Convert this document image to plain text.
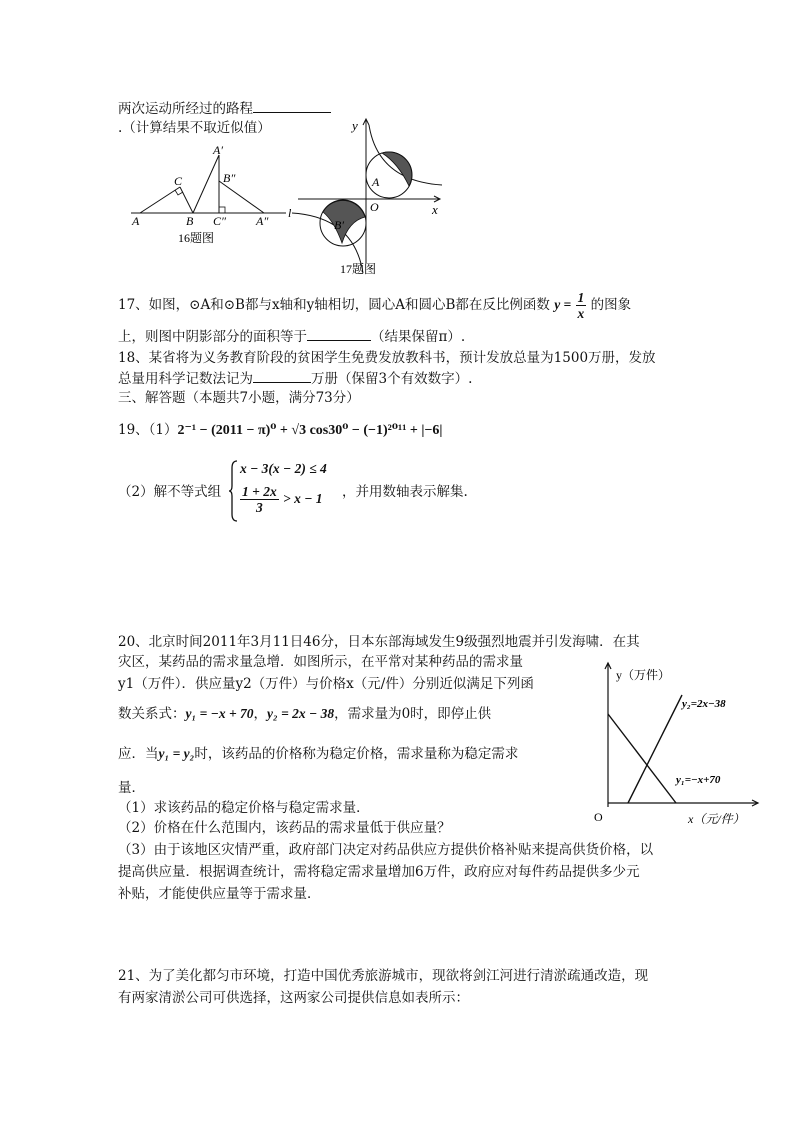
两次运动所经过的路程
.（计算结果不取近似值）
A
C
B
A′
B″
C″ A″
l
16题图
y
x
O
A
B′
17题图
17、如图，⊙A和⊙B都与x轴和y轴相切，圆心A和圆心B都在反比例函数 $y = \frac{1}{x}$ 的图象
上，则图中阴影部分的面积等于	（结果保留π）.
18、某省将为义务教育阶段的贫困学生免费发放教科书，预计发放总量为1500万册，发放
总量用科学记数法记为	万册（保留3个有效数字）.
三、解答题（本题共7小题，满分73分）
19、（1）2⁻¹ − (2011 − π)⁰ + √3 cos30⁰ − (−1)²⁰¹¹ + |−6|
（2）解不等式组
x − 3(x − 2) ≤ 4
$\frac{1 + 2x}{3} > x - 1$ ，并用数轴表示解集.
20、北京时间2011年3月11日46分，日本东部海域发生9级强烈地震并引发海啸．在其
灾区，某药品的需求量急增．如图所示，在平常对某种药品的需求量
y1（万件）．供应量y2（万件）与价格x（元/件）分别近似满足下列函
数关系式：y₁ = −x + 70，y₂ = 2x − 38，需求量为0时，即停止供
应．当y₁ = y₂时，该药品的价格称为稳定价格，需求量称为稳定需求
量．
（1）求该药品的稳定价格与稳定需求量．
（2）价格在什么范围内，该药品的需求量低于供应量？
（3）由于该地区灾情严重，政府部门决定对药品供应方提供价格补贴来提高供货价格，以
提高供应量．根据调查统计，需将稳定需求量增加6万件，政府应对每件药品提供多少元
补贴，才能使供应量等于需求量．
y（万件）
x（元/件）
O
y₂=2x−38
y₁=−x+70
21、为了美化都匀市环境，打造中国优秀旅游城市，现欲将剑江河进行清淤疏通改造，现
有两家清淤公司可供选择，这两家公司提供信息如表所示：
